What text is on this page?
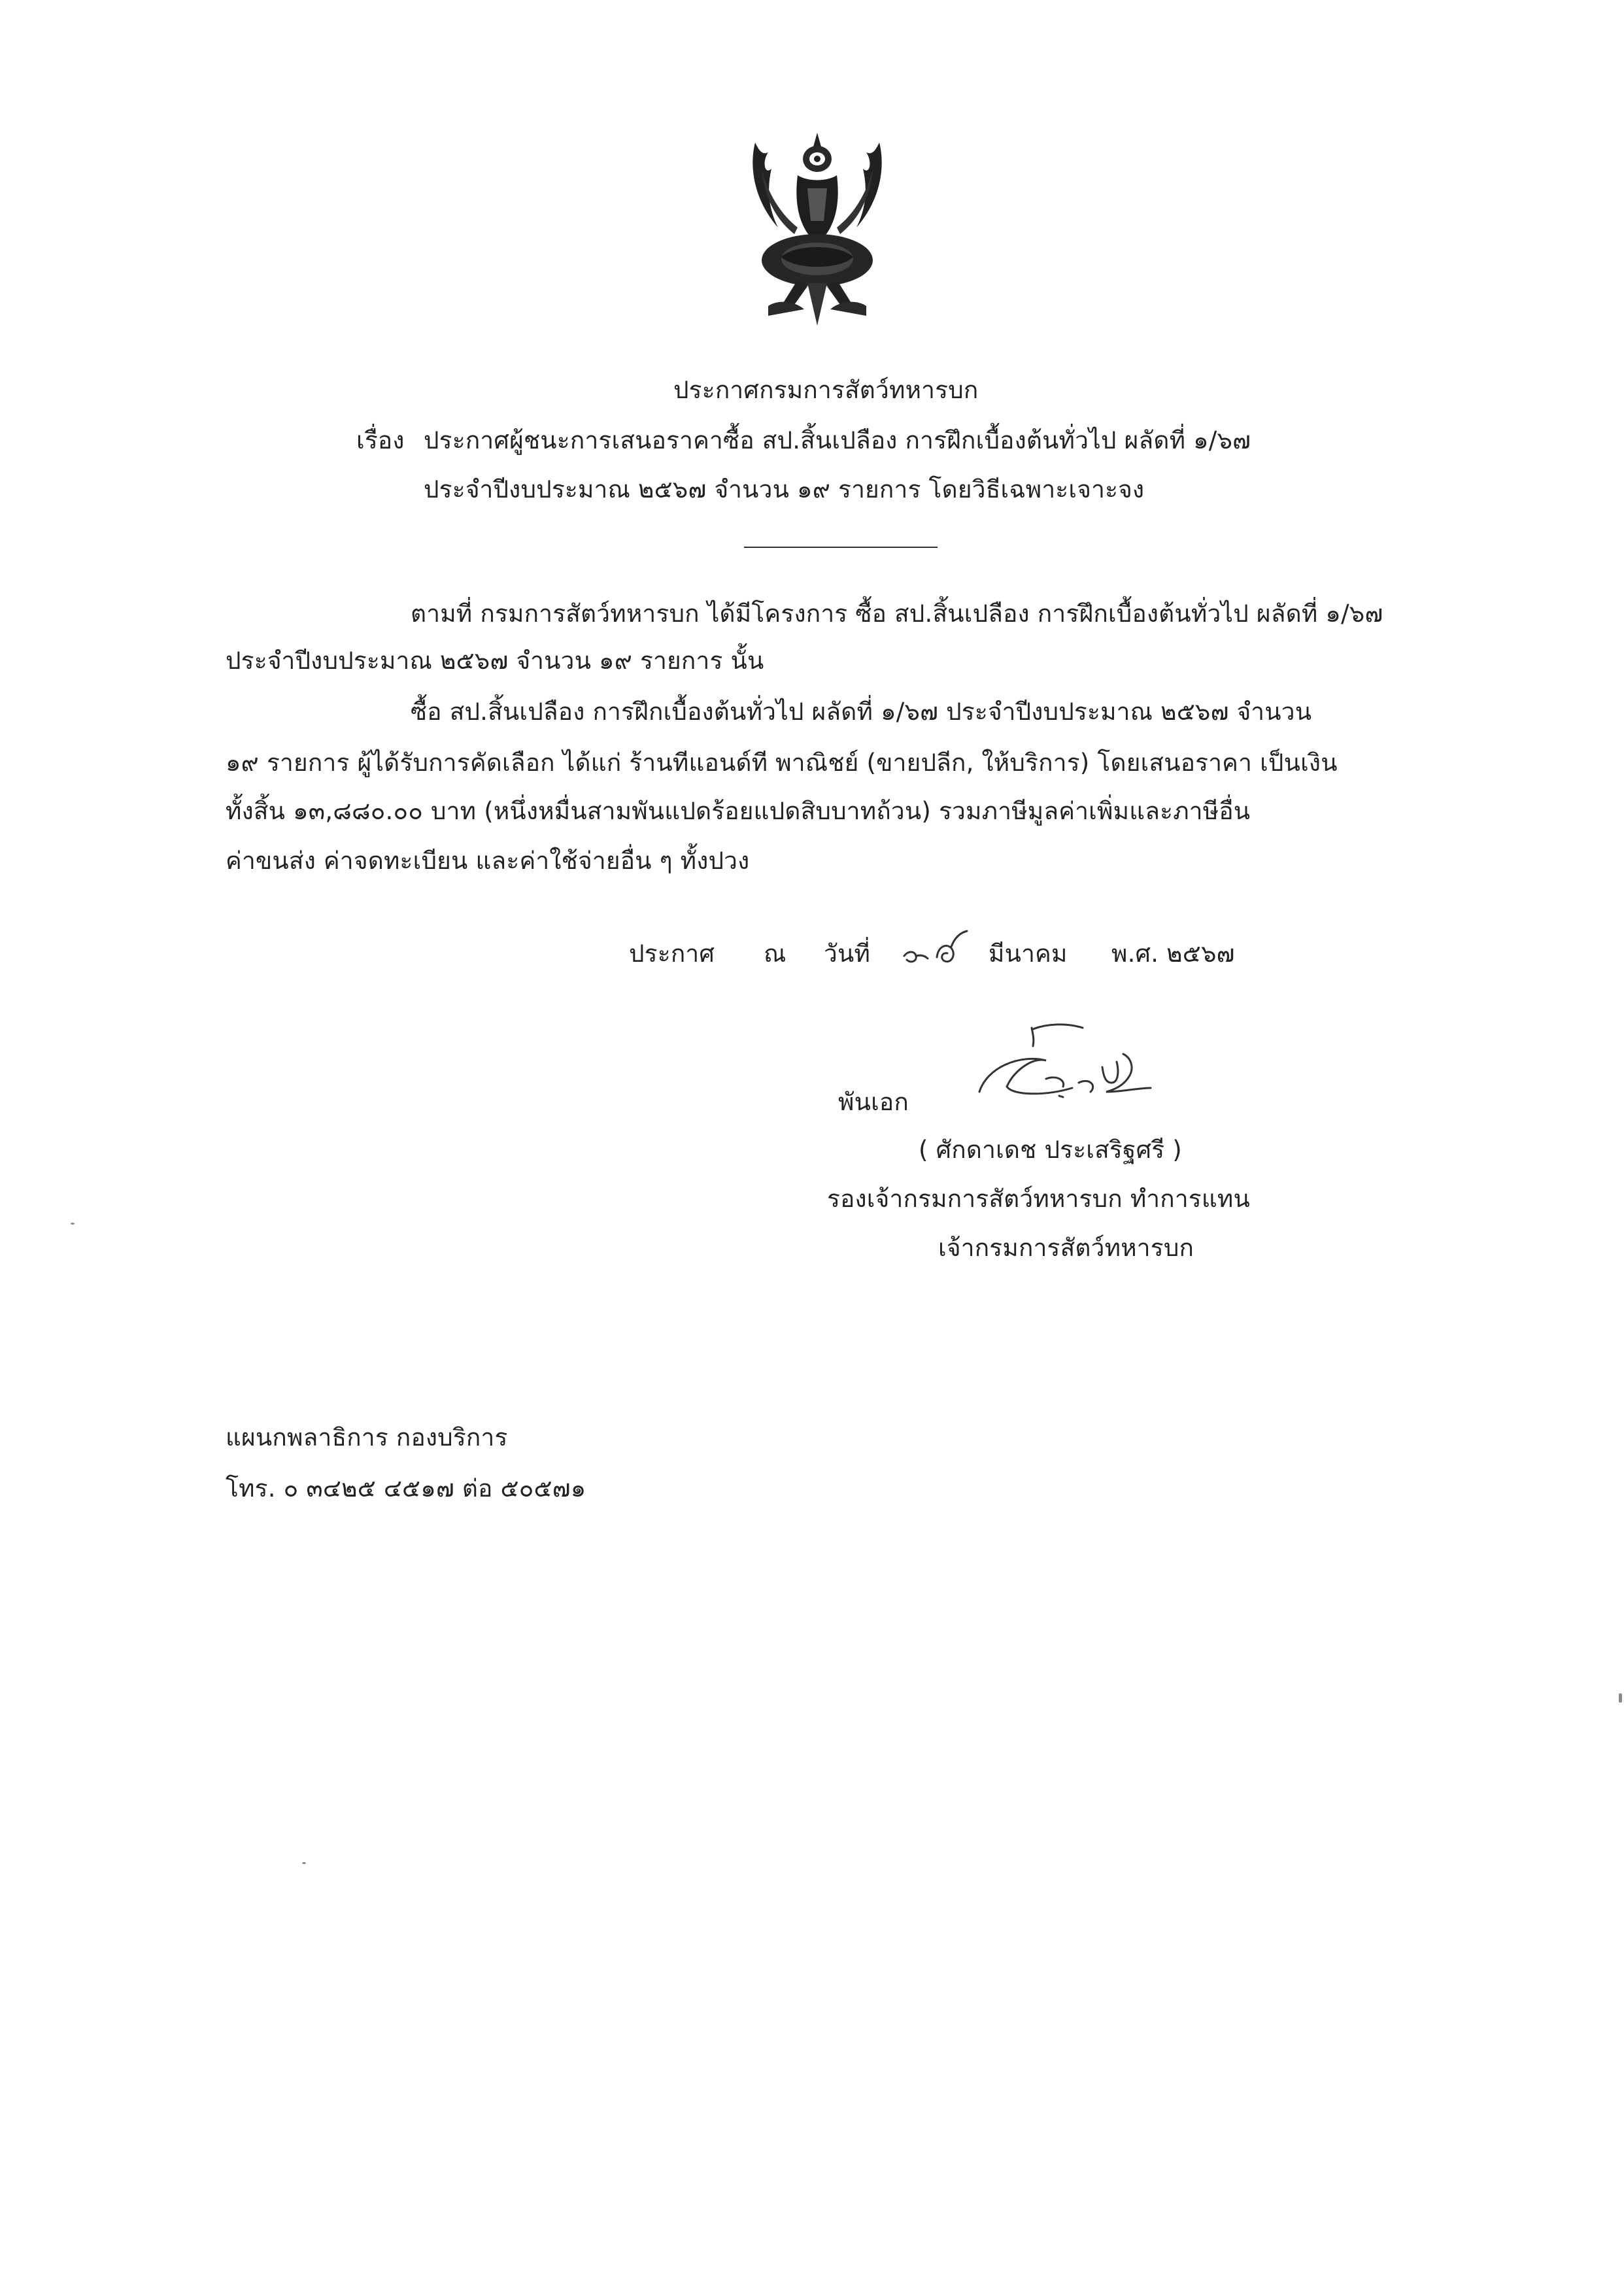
ประกาศกรมการสัตว์ทหารบก
เรื่อง ประกาศผู้ชนะการเสนอราคาซื้อ สป.สิ้นเปลือง การฝึกเบื้องต้นทั่วไป ผลัดที่ ๑/๖๗
ประจำปีงบประมาณ ๒๕๖๗ จำนวน ๑๙ รายการ โดยวิธีเฉพาะเจาะจง
ตามที่ กรมการสัตว์ทหารบก ได้มีโครงการ ซื้อ สป.สิ้นเปลือง การฝึกเบื้องต้นทั่วไป ผลัดที่ ๑/๖๗
ประจำปีงบประมาณ ๒๕๖๗ จำนวน ๑๙ รายการ นั้น
ซื้อ สป.สิ้นเปลือง การฝึกเบื้องต้นทั่วไป ผลัดที่ ๑/๖๗ ประจำปีงบประมาณ ๒๕๖๗ จำนวน
๑๙ รายการ ผู้ได้รับการคัดเลือก ได้แก่ ร้านทีแอนด์ที พาณิชย์ (ขายปลีก, ให้บริการ) โดยเสนอราคา เป็นเงิน
ทั้งสิ้น ๑๓,๘๘๐.๐๐ บาท (หนึ่งหมื่นสามพันแปดร้อยแปดสิบบาทถ้วน) รวมภาษีมูลค่าเพิ่มและภาษีอื่น
ค่าขนส่ง ค่าจดทะเบียน และค่าใช้จ่ายอื่น ๆ ทั้งปวง
ประกาศ ณ วันที่	มีนาคม พ.ศ. ๒๕๖๗
พันเอก
( ศักดาเดช ประเสริฐศรี )
รองเจ้ากรมการสัตว์ทหารบก ทำการแทน
เจ้ากรมการสัตว์ทหารบก
แผนกพลาธิการ กองบริการ
โทร. ๐ ๓๔๒๕ ๔๕๑๗ ต่อ ๕๐๕๗๑
